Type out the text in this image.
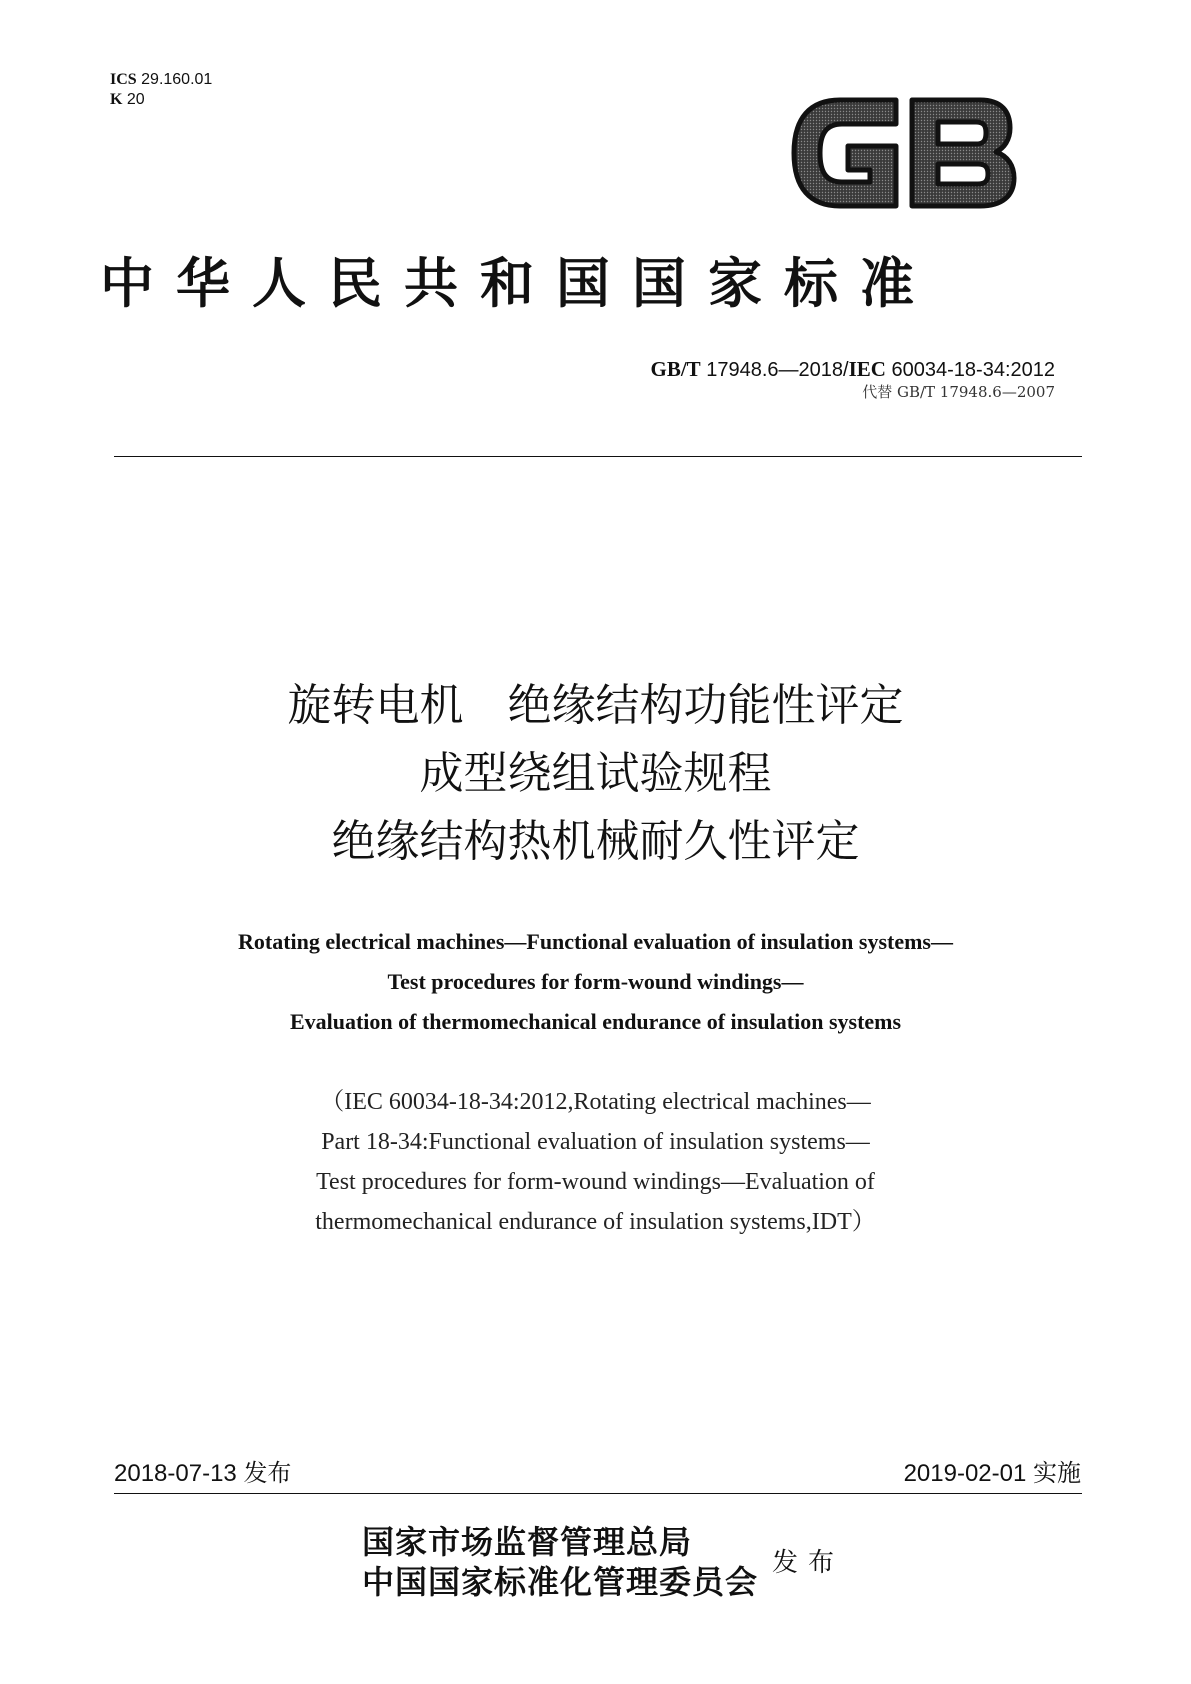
ICS 29.160.01
K 20
中华人民共和国国家标准
GB/T 17948.6—2018/IEC 60034-18-34:2012
代替 GB/T 17948.6—2007
旋转电机　绝缘结构功能性评定
成型绕组试验规程
绝缘结构热机械耐久性评定
Rotating electrical machines—Functional evaluation of insulation systems—
Test procedures for form-wound windings—
Evaluation of thermomechanical endurance of insulation systems
（IEC 60034-18-34:2012,Rotating electrical machines—
Part 18-34:Functional evaluation of insulation systems—
Test procedures for form-wound windings—Evaluation of
thermomechanical endurance of insulation systems,IDT）
2018-07-13 发布	2019-02-01 实施
国家市场监督管理总局
中国国家标准化管理委员会 发布
